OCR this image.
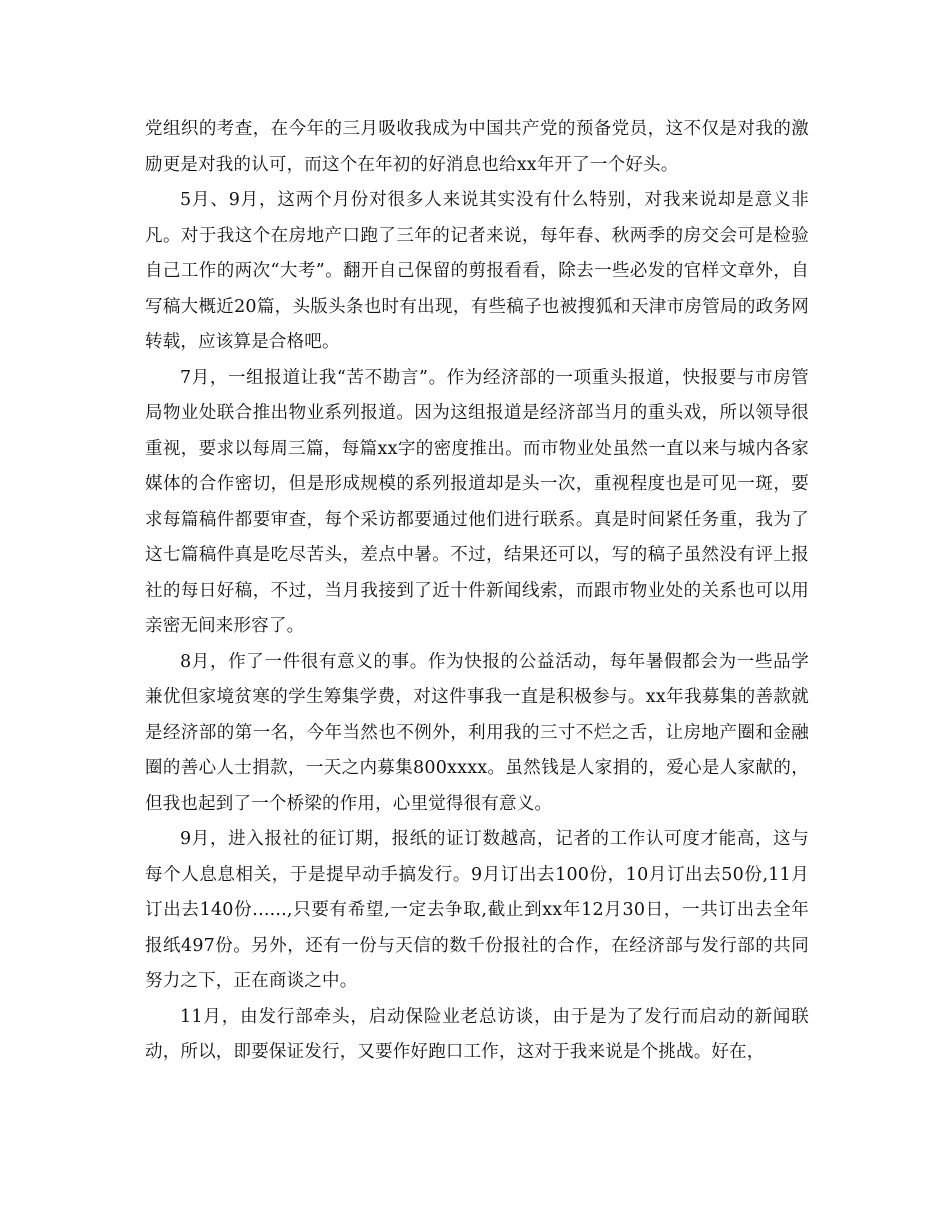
党组织的考查，在今年的三月吸收我成为中国共产党的预备党员，这不仅是对我的激励更是对我的认可，而这个在年初的好消息也给xx年开了一个好头。

5月、9月，这两个月份对很多人来说其实没有什么特别，对我来说却是意义非凡。对于我这个在房地产口跑了三年的记者来说，每年春、秋两季的房交会可是检验自己工作的两次“大考”。翻开自己保留的剪报看看，除去一些必发的官样文章外，自写稿大概近20篇，头版头条也时有出现，有些稿子也被搜狐和天津市房管局的政务网转载，应该算是合格吧。

7月，一组报道让我“苦不勘言”。作为经济部的一项重头报道，快报要与市房管局物业处联合推出物业系列报道。因为这组报道是经济部当月的重头戏，所以领导很重视，要求以每周三篇，每篇xx字的密度推出。而市物业处虽然一直以来与城内各家媒体的合作密切，但是形成规模的系列报道却是头一次，重视程度也是可见一斑，要求每篇稿件都要审查，每个采访都要通过他们进行联系。真是时间紧任务重，我为了这七篇稿件真是吃尽苦头，差点中暑。不过，结果还可以，写的稿子虽然没有评上报社的每日好稿，不过，当月我接到了近十件新闻线索，而跟市物业处的关系也可以用亲密无间来形容了。

8月，作了一件很有意义的事。作为快报的公益活动，每年暑假都会为一些品学兼优但家境贫寒的学生筹集学费，对这件事我一直是积极参与。xx年我募集的善款就是经济部的第一名，今年当然也不例外，利用我的三寸不烂之舌，让房地产圈和金融圈的善心人士捐款，一天之内募集800xxxx。虽然钱是人家捐的，爱心是人家献的，但我也起到了一个桥梁的作用，心里觉得很有意义。

9月，进入报社的征订期，报纸的证订数越高，记者的工作认可度才能高，这与每个人息息相关，于是提早动手搞发行。9月订出去100份，10月订出去50份,11月订出去140份......,只要有希望,一定去争取,截止到xx年12月30日，一共订出去全年报纸497份。另外，还有一份与天信的数千份报社的合作，在经济部与发行部的共同努力之下，正在商谈之中。

11月，由发行部牵头，启动保险业老总访谈，由于是为了发行而启动的新闻联动，所以，即要保证发行，又要作好跑口工作，这对于我来说是个挑战。好在，
